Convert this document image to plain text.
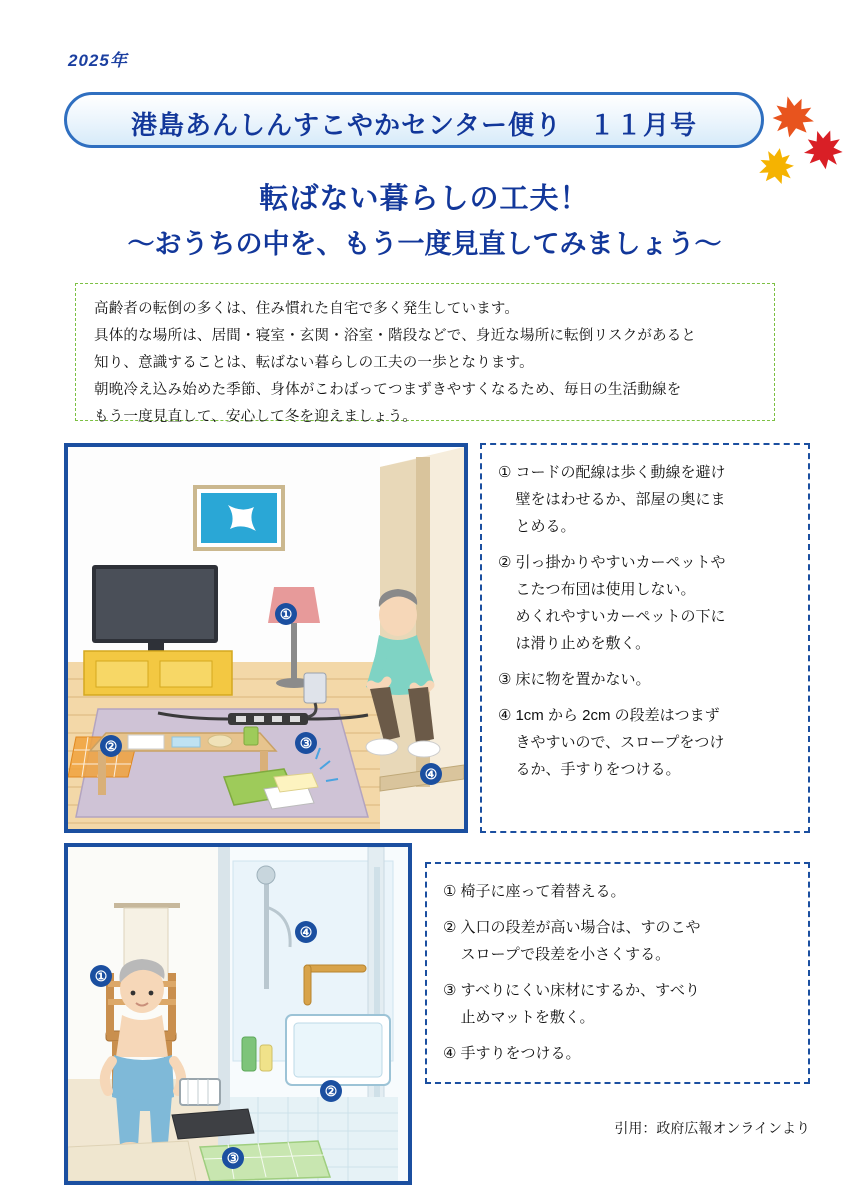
2025年
港島あんしんすこやかセンター便り　１１月号
転ばない暮らしの工夫！
～おうちの中を、もう一度見直してみましょう～
高齢者の転倒の多くは、住み慣れた自宅で多く発生しています。
具体的な場所は、居間・寝室・玄関・浴室・階段などで、身近な場所に転倒リスクがあると
知り、意識することは、転ばない暮らしの工夫の一歩となります。
朝晩冷え込み始めた季節、身体がこわばってつまずきやすくなるため、毎日の生活動線を
もう一度見直して、安心して冬を迎えましょう。
①
②	③
④
① コードの配線は歩く動線を避け
壁をはわせるか、部屋の奥にま
とめる。
② 引っ掛かりやすいカーペットや
こたつ布団は使用しない。
めくれやすいカーペットの下に
は滑り止めを敷く。
③ 床に物を置かない。
④ 1cm から 2cm の段差はつまず
きやすいので、スロープをつけ
るか、手すりをつける。
①
②
③
④
① 椅子に座って着替える。
② 入口の段差が高い場合は、すのこや
スロープで段差を小さくする。
③ すべりにくい床材にするか、すべり
止めマットを敷く。
④ 手すりをつける。
引用：政府広報オンラインより
